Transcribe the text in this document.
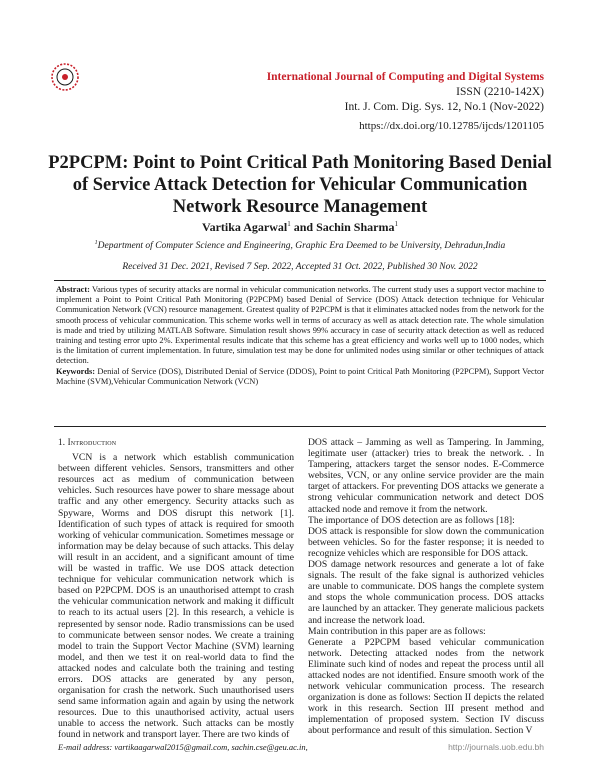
International Journal of Computing and Digital Systems
ISSN (2210-142X)
Int. J. Com. Dig. Sys. 12, No.1 (Nov-2022)
https://dx.doi.org/10.12785/ijcds/1201105
P2PCPM: Point to Point Critical Path Monitoring Based Denial of Service Attack Detection for Vehicular Communication Network Resource Management
Vartika Agarwal$^1$ and Sachin Sharma$^1$
$^1$Department of Computer Science and Engineering, Graphic Era Deemed to be University, Dehradun,India
Received 31 Dec. 2021, Revised 7 Sep. 2022, Accepted 31 Oct. 2022, Published 30 Nov. 2022
Abstract: Various types of security attacks are normal in vehicular communication networks. The current study uses a support vector machine to implement a Point to Point Critical Path Monitoring (P2PCPM) based Denial of Service (DOS) Attack detection technique for Vehicular Communication Network (VCN) resource management. Greatest quality of P2PCPM is that it eliminates attacked nodes from the network for the smooth process of vehicular communication. This scheme works well in terms of accuracy as well as attack detection rate. The whole simulation is made and tried by utilizing MATLAB Software. Simulation result shows 99% accuracy in case of security attack detection as well as reduced training and testing error upto 2%. Experimental results indicate that this scheme has a great efficiency and works well up to 1000 nodes, which is the limitation of current implementation. In future, simulation test may be done for unlimited nodes using similar or other techniques of attack detection.
Keywords: Denial of Service (DOS), Distributed Denial of Service (DDOS), Point to point Critical Path Monitoring (P2PCPM), Support Vector Machine (SVM),Vehicular Communication Network (VCN)
1. Introduction

VCN is a network which establish communication between different vehicles. Sensors, transmitters and other resources act as medium of communication between vehicles. Such resources have power to share message about traffic and any other emergency. Security attacks such as Spyware, Worms and DOS disrupt this network [1]. Identification of such types of attack is required for smooth working of vehicular communication. Sometimes message or information may be delay because of such attacks. This delay will result in an accident, and a significant amount of time will be wasted in traffic. We use DOS attack detection technique for vehicular communication network which is based on P2PCPM. DOS is an unauthorised attempt to crash the vehicular communication network and making it difficult to reach to its actual users [2]. In this research, a vehicle is represented by sensor node. Radio transmissions can be used to communicate between sensor nodes. We create a training model to train the Support Vector Machine (SVM) learning model, and then we test it on real-world data to find the attacked nodes and calculate both the training and testing errors. DOS attacks are generated by any person, organisation for crash the network. Such unauthorised users send same information again and again by using the network resources. Due to this unauthorised activity, actual users unable to access the network. Such attacks can be mostly found in network and transport layer. There are two kinds of

DOS attack – Jamming as well as Tampering. In Jamming, legitimate user (attacker) tries to break the network. . In Tampering, attackers target the sensor nodes. E-Commerce websites, VCN, or any online service provider are the main target of attackers. For preventing DOS attacks we generate a strong vehicular communication network and detect DOS attacked node and remove it from the network.

The importance of DOS detection are as follows [18]:

DOS attack is responsible for slow down the communication between vehicles. So for the faster response; it is needed to recognize vehicles which are responsible for DOS attack.

DOS damage network resources and generate a lot of fake signals. The result of the fake signal is authorized vehicles are unable to communicate. DOS hangs the complete system and stops the whole communication process. DOS attacks are launched by an attacker. They generate malicious packets and increase the network load.

Main contribution in this paper are as follows:

Generate a P2PCPM based vehicular communication network. Detecting attacked nodes from the network Eliminate such kind of nodes and repeat the process until all attacked nodes are not identified. Ensure smooth work of the network vehicular communication process. The research organization is done as follows: Section II depicts the related work in this research. Section III present method and implementation of proposed system. Section IV discuss about performance and result of this simulation. Section V

E-mail address: vartikaagarwal2015@gmail.com, sachin.cse@geu.ac.in,	http://journals.uob.edu.bh
